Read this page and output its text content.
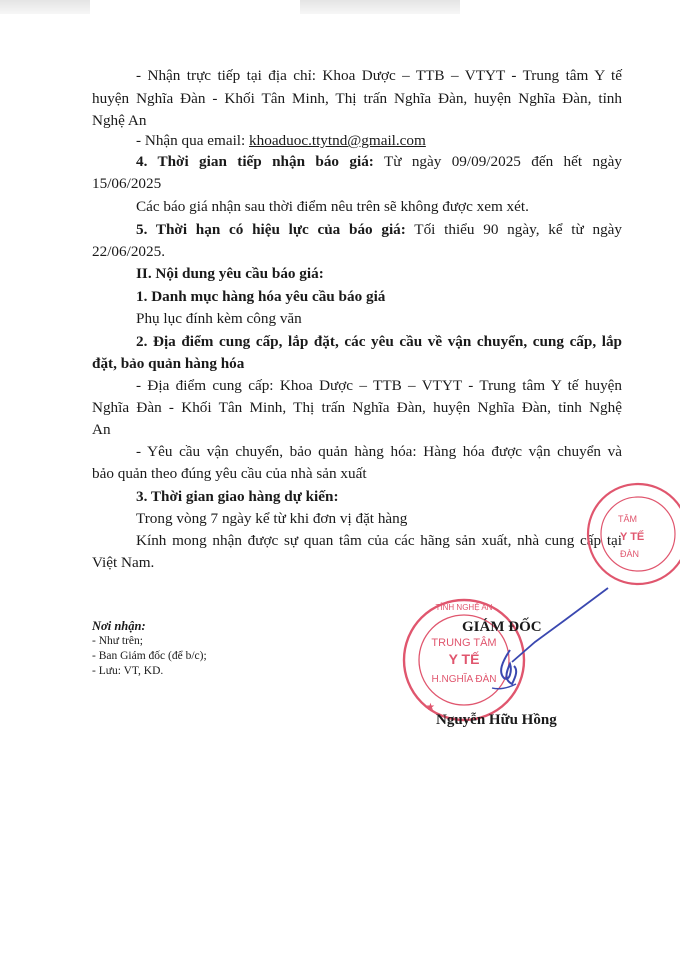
- Nhận trực tiếp tại địa chỉ: Khoa Dược – TTB – VTYT - Trung tâm Y tế
huyện Nghĩa Đàn - Khối Tân Minh, Thị trấn Nghĩa Đàn, huyện Nghĩa Đàn, tỉnh
Nghệ An
- Nhận qua email: khoaduoc.ttytnd@gmail.com
4. Thời gian tiếp nhận báo giá: Từ ngày 09/09/2025 đến hết ngày
15/06/2025
Các báo giá nhận sau thời điểm nêu trên sẽ không được xem xét.
5. Thời hạn có hiệu lực của báo giá: Tối thiểu 90 ngày, kể từ ngày
22/06/2025.
II. Nội dung yêu cầu báo giá:
1. Danh mục hàng hóa yêu cầu báo giá
Phụ lục đính kèm công văn
2. Địa điểm cung cấp, lắp đặt, các yêu cầu về vận chuyển, cung cấp, lắp
đặt, bảo quản hàng hóa
- Địa điểm cung cấp: Khoa Dược – TTB – VTYT - Trung tâm Y tế huyện
Nghĩa Đàn - Khối Tân Minh, Thị trấn Nghĩa Đàn, huyện Nghĩa Đàn, tỉnh Nghệ
An
- Yêu cầu vận chuyển, bảo quản hàng hóa: Hàng hóa được vận chuyển và
bảo quản theo đúng yêu cầu của nhà sản xuất
3. Thời gian giao hàng dự kiến:
Trong vòng 7 ngày kể từ khi đơn vị đặt hàng
Kính mong nhận được sự quan tâm của các hãng sản xuất, nhà cung cấp tại
Việt Nam.
TÂM
Y TẾ
ĐÀN
Nơi nhận:
- Như trên;
- Ban Giám đốc (để b/c);
- Lưu: VT, KD.
TỈNH NGHỆ AN
TRUNG TÂM
Y TẾ
H.NGHĨA ĐÀN
★
GIÁM ĐỐC
Nguyễn Hữu Hồng
